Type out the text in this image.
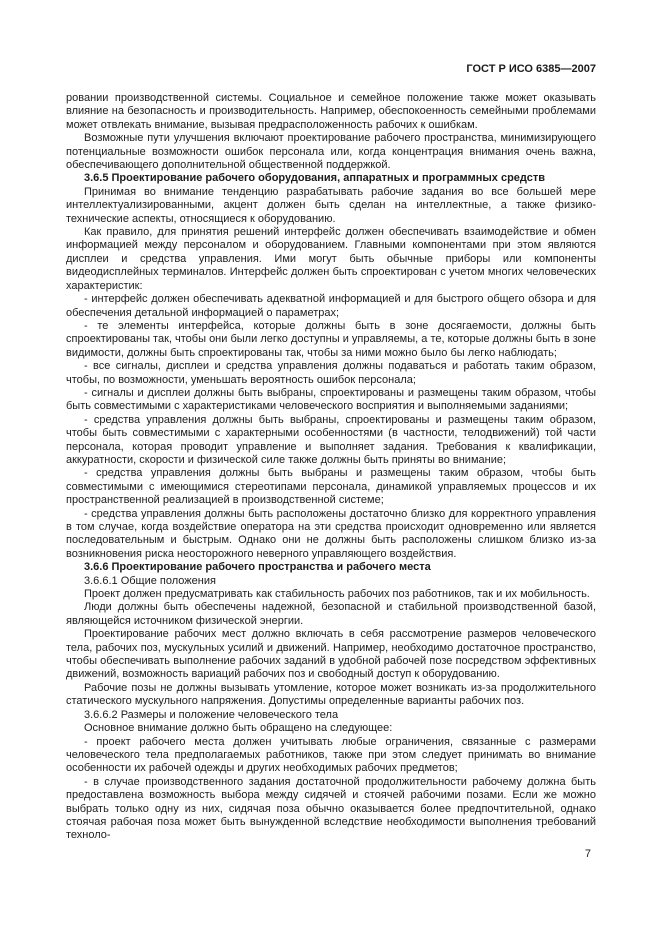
ГОСТ Р ИСО 6385—2007

ровании производственной системы. Социальное и семейное положение также может оказывать влияние на безопасность и производительность. Например, обеспокоенность семейными проблемами может отвлекать внимание, вызывая предрасположенность рабочих к ошибкам.

Возможные пути улучшения включают проектирование рабочего пространства, минимизирующего потенциальные возможности ошибок персонала или, когда концентрация внимания очень важна, обеспечивающего дополнительной общественной поддержкой.

3.6.5 Проектирование рабочего оборудования, аппаратных и программных средств

Принимая во внимание тенденцию разрабатывать рабочие задания во все большей мере интеллектуализированными, акцент должен быть сделан на интеллектные, а также физико-технические аспекты, относящиеся к оборудованию.

Как правило, для принятия решений интерфейс должен обеспечивать взаимодействие и обмен информацией между персоналом и оборудованием. Главными компонентами при этом являются дисплеи и средства управления. Ими могут быть обычные приборы или компоненты видеодисплейных терминалов. Интерфейс должен быть спроектирован с учетом многих человеческих характеристик:

- интерфейс должен обеспечивать адекватной информацией и для быстрого общего обзора и для обеспечения детальной информацией о параметрах;

- те элементы интерфейса, которые должны быть в зоне досягаемости, должны быть спроектированы так, чтобы они были легко доступны и управляемы, а те, которые должны быть в зоне видимости, должны быть спроектированы так, чтобы за ними можно было бы легко наблюдать;

- все сигналы, дисплеи и средства управления должны подаваться и работать таким образом, чтобы, по возможности, уменьшать вероятность ошибок персонала;

- сигналы и дисплеи должны быть выбраны, спроектированы и размещены таким образом, чтобы быть совместимыми с характеристиками человеческого восприятия и выполняемыми заданиями;

- средства управления должны быть выбраны, спроектированы и размещены таким образом, чтобы быть совместимыми с характерными особенностями (в частности, телодвижений) той части персонала, которая проводит управление и выполняет задания. Требования к квалификации, аккуратности, скорости и физической силе также должны быть приняты во внимание;

- средства управления должны быть выбраны и размещены таким образом, чтобы быть совместимыми с имеющимися стереотипами персонала, динамикой управляемых процессов и их пространственной реализацией в производственной системе;

- средства управления должны быть расположены достаточно близко для корректного управления в том случае, когда воздействие оператора на эти средства происходит одновременно или является последовательным и быстрым. Однако они не должны быть расположены слишком близко из-за возникновения риска неосторожного неверного управляющего воздействия.

3.6.6 Проектирование рабочего пространства и рабочего места

3.6.6.1 Общие положения

Проект должен предусматривать как стабильность рабочих поз работников, так и их мобильность.

Люди должны быть обеспечены надежной, безопасной и стабильной производственной базой, являющейся источником физической энергии.

Проектирование рабочих мест должно включать в себя рассмотрение размеров человеческого тела, рабочих поз, мускульных усилий и движений. Например, необходимо достаточное пространство, чтобы обеспечивать выполнение рабочих заданий в удобной рабочей позе посредством эффективных движений, возможность вариаций рабочих поз и свободный доступ к оборудованию.

Рабочие позы не должны вызывать утомление, которое может возникать из-за продолжительного статического мускульного напряжения. Допустимы определенные варианты рабочих поз.

3.6.6.2 Размеры и положение человеческого тела

Основное внимание должно быть обращено на следующее:

- проект рабочего места должен учитывать любые ограничения, связанные с размерами человеческого тела предполагаемых работников, также при этом следует принимать во внимание особенности их рабочей одежды и других необходимых рабочих предметов;

- в случае производственного задания достаточной продолжительности рабочему должна быть предоставлена возможность выбора между сидячей и стоячей рабочими позами. Если же можно выбрать только одну из них, сидячая поза обычно оказывается более предпочтительной, однако стоячая рабочая поза может быть вынужденной вследствие необходимости выполнения требований техноло-

7
